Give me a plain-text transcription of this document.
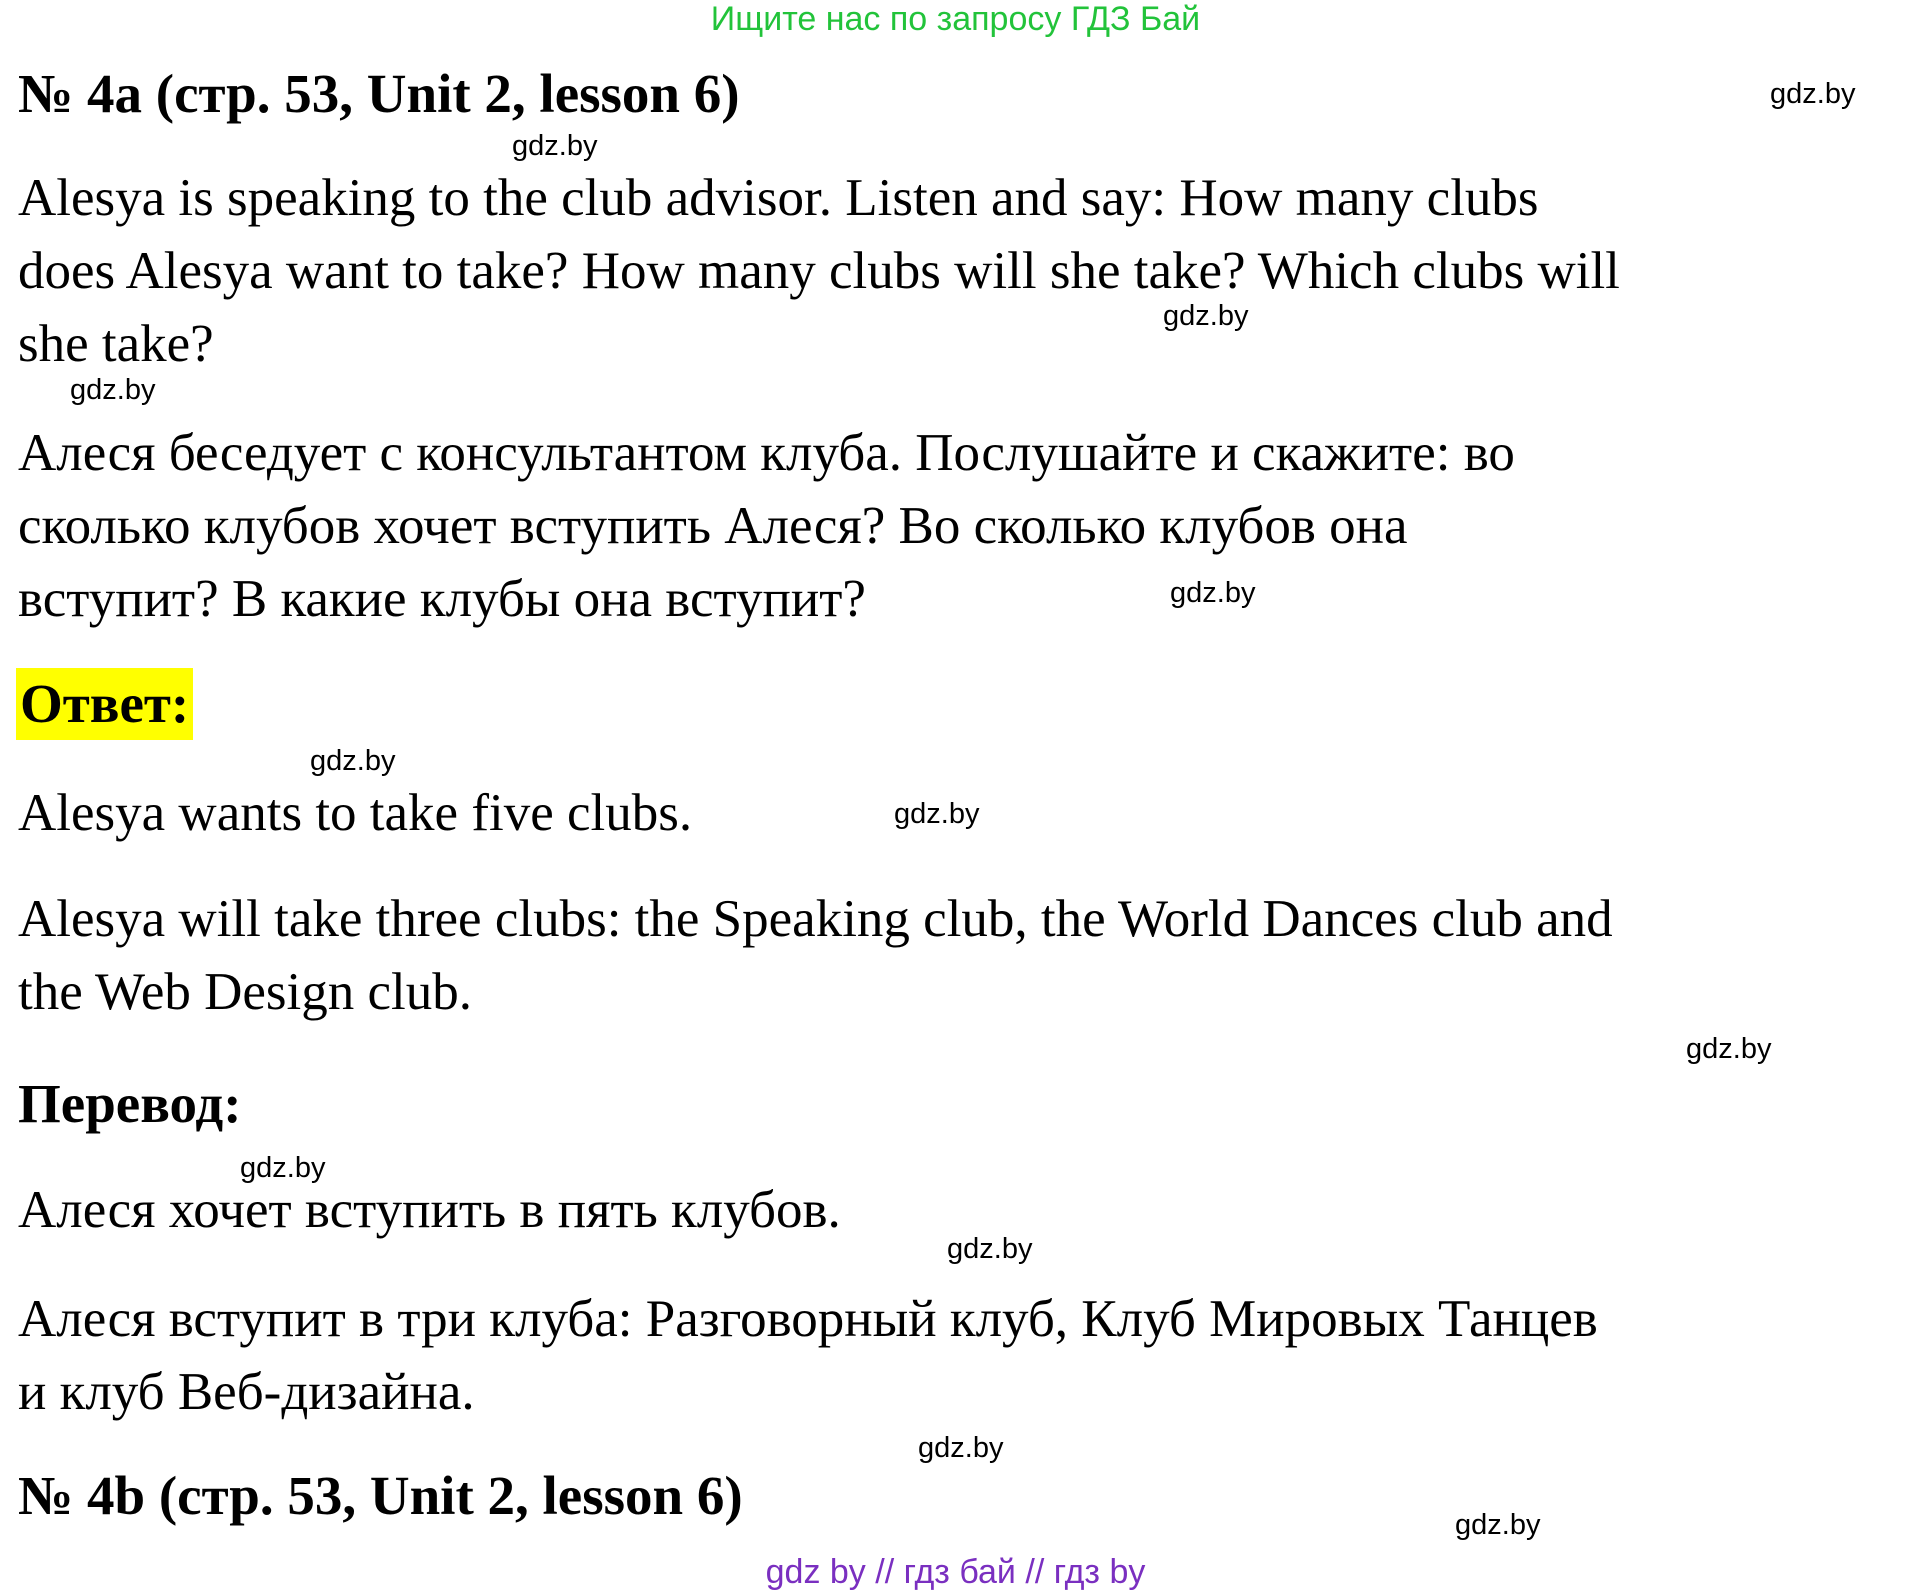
Ищите нас по запросу ГДЗ Бай
№ 4a (стр. 53, Unit 2, lesson 6)
Alesya is speaking to the club advisor. Listen and say: How many clubs
does Alesya want to take? How many clubs will she take? Which clubs will
she take?
Алеся беседует с консультантом клуба. Послушайте и скажите: во
сколько клубов хочет вступить Алеся? Во сколько клубов она
вступит? В какие клубы она вступит?
Ответ:
Alesya wants to take five clubs.
Alesya will take three clubs: the Speaking club, the World Dances club and
the Web Design club.
Перевод:
Алеся хочет вступить в пять клубов.
Алеся вступит в три клуба: Разговорный клуб, Клуб Мировых Танцев
и клуб Веб-дизайна.
№ 4b (стр. 53, Unit 2, lesson 6)
gdz.by
gdz.by
gdz.by
gdz.by
gdz.by
gdz.by
gdz.by
gdz.by
gdz.by
gdz.by
gdz.by
gdz.by
gdz by // гдз бай // гдз by
